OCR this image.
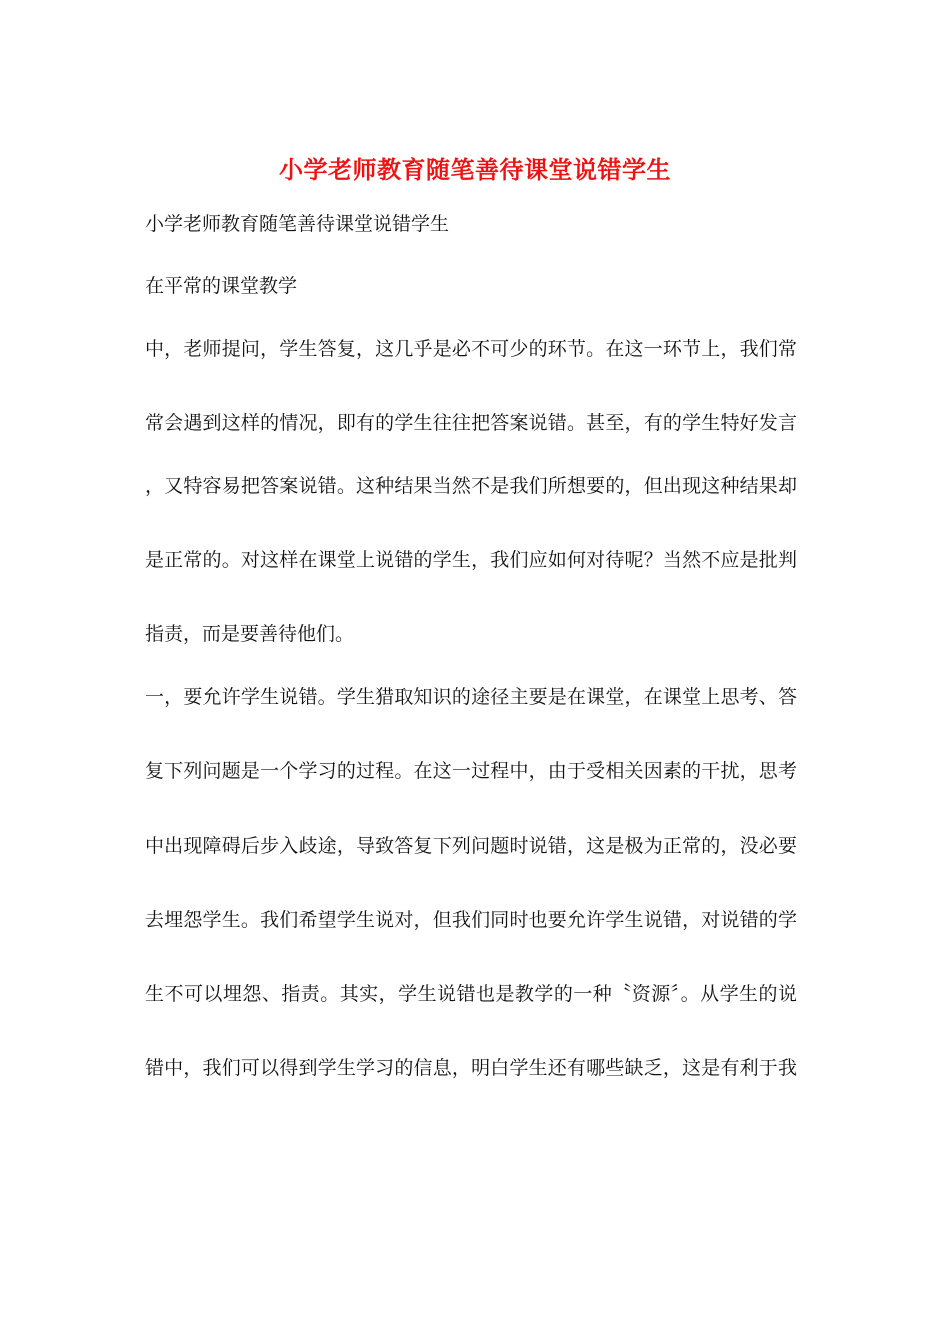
小学老师教育随笔善待课堂说错学生
小学老师教育随笔善待课堂说错学生
在平常的课堂教学
中，老师提问，学生答复，这几乎是必不可少的环节。在这一环节上，我们常
常会遇到这样的情况，即有的学生往往把答案说错。甚至，有的学生特好发言
，又特容易把答案说错。这种结果当然不是我们所想要的，但出现这种结果却
是正常的。对这样在课堂上说错的学生，我们应如何对待呢？当然不应是批判
指责，而是要善待他们。
一，要允许学生说错。学生猎取知识的途径主要是在课堂，在课堂上思考、答
复下列问题是一个学习的过程。在这一过程中，由于受相关因素的干扰，思考
中出现障碍后步入歧途，导致答复下列问题时说错，这是极为正常的，没必要
去埋怨学生。我们希望学生说对，但我们同时也要允许学生说错，对说错的学
生不可以埋怨、指责。其实，学生说错也是教学的一种〝资源〞。从学生的说
错中，我们可以得到学生学习的信息，明白学生还有哪些缺乏，这是有利于我
